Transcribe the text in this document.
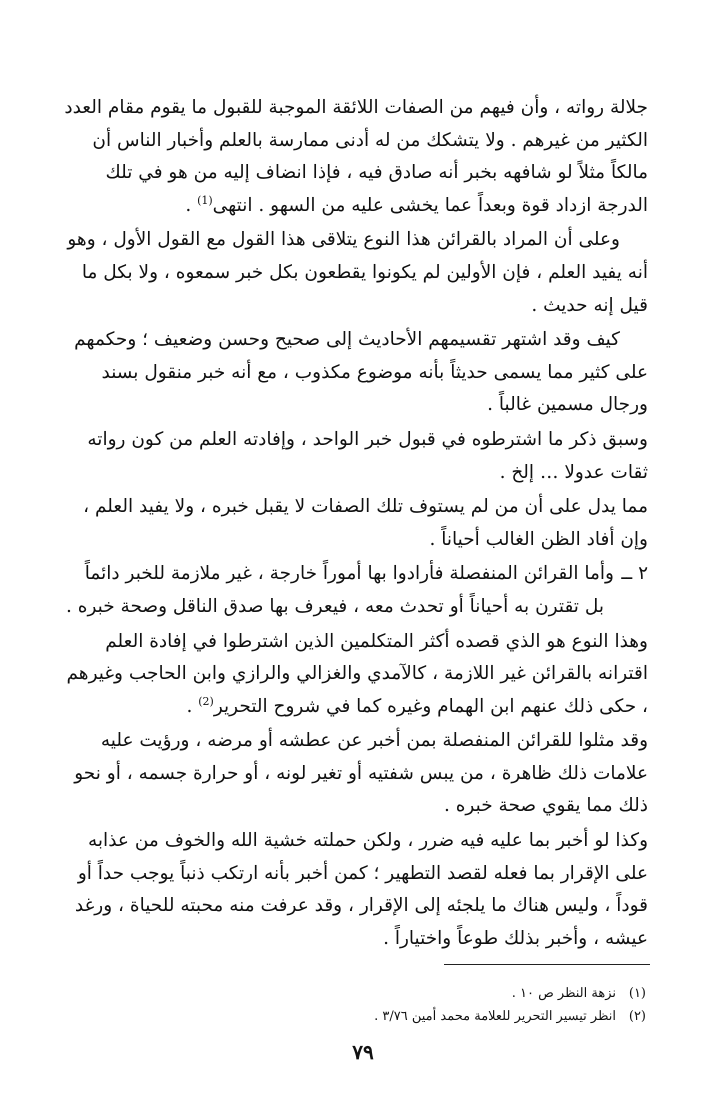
جلالة رواته ، وأن فيهم من الصفات اللائقة الموجبة للقبول ما يقوم مقام العدد الكثير من غيرهم . ولا يتشكك من له أدنى ممارسة بالعلم وأخبار الناس أن مالكاً مثلاً لو شافهه بخبر أنه صادق فيه ، فإذا انضاف إليه من هو في تلك الدرجة ازداد قوة وبعداً عما يخشى عليه من السهو . انتهى$^{(1)}$ .

وعلى أن المراد بالقرائن هذا النوع يتلاقى هذا القول مع القول الأول ، وهو أنه يفيد العلم ، فإن الأولين لم يكونوا يقطعون بكل خبر سمعوه ، ولا بكل ما قيل إنه حديث .

كيف وقد اشتهر تقسيمهم الأحاديث إلى صحيح وحسن وضعيف ؛ وحكمهم على كثير مما يسمى حديثاً بأنه موضوع مكذوب ، مع أنه خبر منقول بسند ورجال مسمين غالباً .

وسبق ذكر ما اشترطوه في قبول خبر الواحد ، وإفادته العلم من كون رواته ثقات عدولا … إلخ .

مما يدل على أن من لم يستوف تلك الصفات لا يقبل خبره ، ولا يفيد العلم ، وإن أفاد الظن الغالب أحياناً .

٢ ــوأما القرائن المنفصلة فأرادوا بها أموراً خارجة ، غير ملازمة للخبر دائماً بل تقترن به أحياناً أو تحدث معه ، فيعرف بها صدق الناقل وصحة خبره .

وهذا النوع هو الذي قصده أكثر المتكلمين الذين اشترطوا في إفادة العلم اقترانه بالقرائن غير اللازمة ، كالآمدي والغزالي والرازي وابن الحاجب وغيرهم ، حكى ذلك عنهم ابن الهمام وغيره كما في شروح التحرير$^{(2)}$ .

وقد مثلوا للقرائن المنفصلة بمن أخبر عن عطشه أو مرضه ، ورؤيت عليه علامات ذلك ظاهرة ، من يبس شفتيه أو تغير لونه ، أو حرارة جسمه ، أو نحو ذلك مما يقوي صحة خبره .

وكذا لو أخبر بما عليه فيه ضرر ، ولكن حملته خشية الله والخوف من عذابه على الإقرار بما فعله لقصد التطهير ؛ كمن أخبر بأنه ارتكب ذنباً يوجب حداً أو قوداً ، وليس هناك ما يلجئه إلى الإقرار ، وقد عرفت منه محبته للحياة ، ورغد عيشه ، وأخبر بذلك طوعاً واختياراً .

(١)نزهة النظر ص ١٠ .

(٢)انظر تيسير التحرير للعلامة محمد أمين ٣/٧٦ .

٧٩
